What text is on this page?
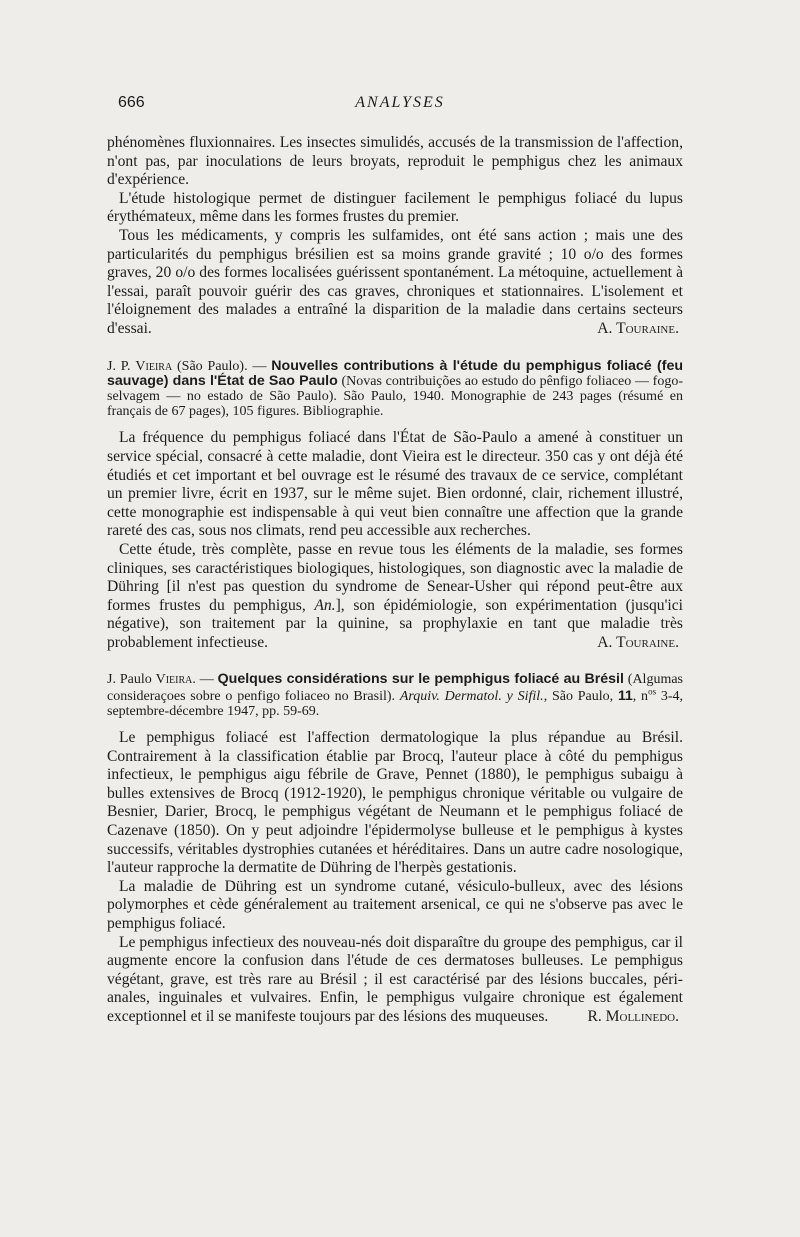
666	ANALYSES

phénomènes fluxionnaires. Les insectes simulidés, accusés de la transmission de l'affection, n'ont pas, par inoculations de leurs broyats, reproduit le pemphigus chez les animaux d'expérience.

L'étude histologique permet de distinguer facilement le pemphigus foliacé du lupus érythémateux, même dans les formes frustes du premier.

Tous les médicaments, y compris les sulfamides, ont été sans action ; mais une des particularités du pemphigus brésilien est sa moins grande gravité ; 10 o/o des formes graves, 20 o/o des formes localisées guérissent spontanément. La métoquine, actuellement à l'essai, paraît pouvoir guérir des cas graves, chroniques et stationnaires. L'isolement et l'éloignement des malades a entraîné la disparition de la maladie dans certains secteurs d'essai.	A. Touraine.

J. P. Vieira (São Paulo). — Nouvelles contributions à l'étude du pemphigus foliacé (feu sauvage) dans l'État de Sao Paulo (Novas contribuições ao estudo do pênfigo foliaceo — fogo-selvagem — no estado de São Paulo). São Paulo, 1940. Monographie de 243 pages (résumé en français de 67 pages), 105 figures. Bibliographie.

La fréquence du pemphigus foliacé dans l'État de São-Paulo a amené à constituer un service spécial, consacré à cette maladie, dont Vieira est le directeur. 350 cas y ont déjà été étudiés et cet important et bel ouvrage est le résumé des travaux de ce service, complétant un premier livre, écrit en 1937, sur le même sujet. Bien ordonné, clair, richement illustré, cette monographie est indispensable à qui veut bien connaître une affection que la grande rareté des cas, sous nos climats, rend peu accessible aux recherches.

Cette étude, très complète, passe en revue tous les éléments de la maladie, ses formes cliniques, ses caractéristiques biologiques, histologiques, son diagnostic avec la maladie de Dühring [il n'est pas question du syndrome de Senear-Usher qui répond peut-être aux formes frustes du pemphigus, An.], son épidémiologie, son expérimentation (jusqu'ici négative), son traitement par la quinine, sa prophylaxie en tant que maladie très probablement infectieuse.	A. Touraine.

J. Paulo Vieira. — Quelques considérations sur le pemphigus foliacé au Brésil (Algumas consideraçoes sobre o penfigo foliaceo no Brasil). Arquiv. Dermatol. y Sifil., São Paulo, 11, $n^{os}$ 3-4, septembre-décembre 1947, pp. 59-69.

Le pemphigus foliacé est l'affection dermatologique la plus répandue au Brésil. Contrairement à la classification établie par Brocq, l'auteur place à côté du pemphigus infectieux, le pemphigus aigu fébrile de Grave, Pennet (1880), le pemphigus subaigu à bulles extensives de Brocq (1912-1920), le pemphigus chronique véritable ou vulgaire de Besnier, Darier, Brocq, le pemphigus végétant de Neumann et le pemphigus foliacé de Cazenave (1850). On y peut adjoindre l'épidermolyse bulleuse et le pemphigus à kystes successifs, véritables dystrophies cutanées et héréditaires. Dans un autre cadre nosologique, l'auteur rapproche la dermatite de Dühring de l'herpès gestationis.

La maladie de Dühring est un syndrome cutané, vésiculo-bulleux, avec des lésions polymorphes et cède généralement au traitement arsenical, ce qui ne s'observe pas avec le pemphigus foliacé.

Le pemphigus infectieux des nouveau-nés doit disparaître du groupe des pemphigus, car il augmente encore la confusion dans l'étude de ces dermatoses bulleuses. Le pemphigus végétant, grave, est très rare au Brésil ; il est caractérisé par des lésions buccales, péri-anales, inguinales et vulvaires. Enfin, le pemphigus vulgaire chronique est également exceptionnel et il se manifeste toujours par des lésions des muqueuses.	R. Mollinedo.
